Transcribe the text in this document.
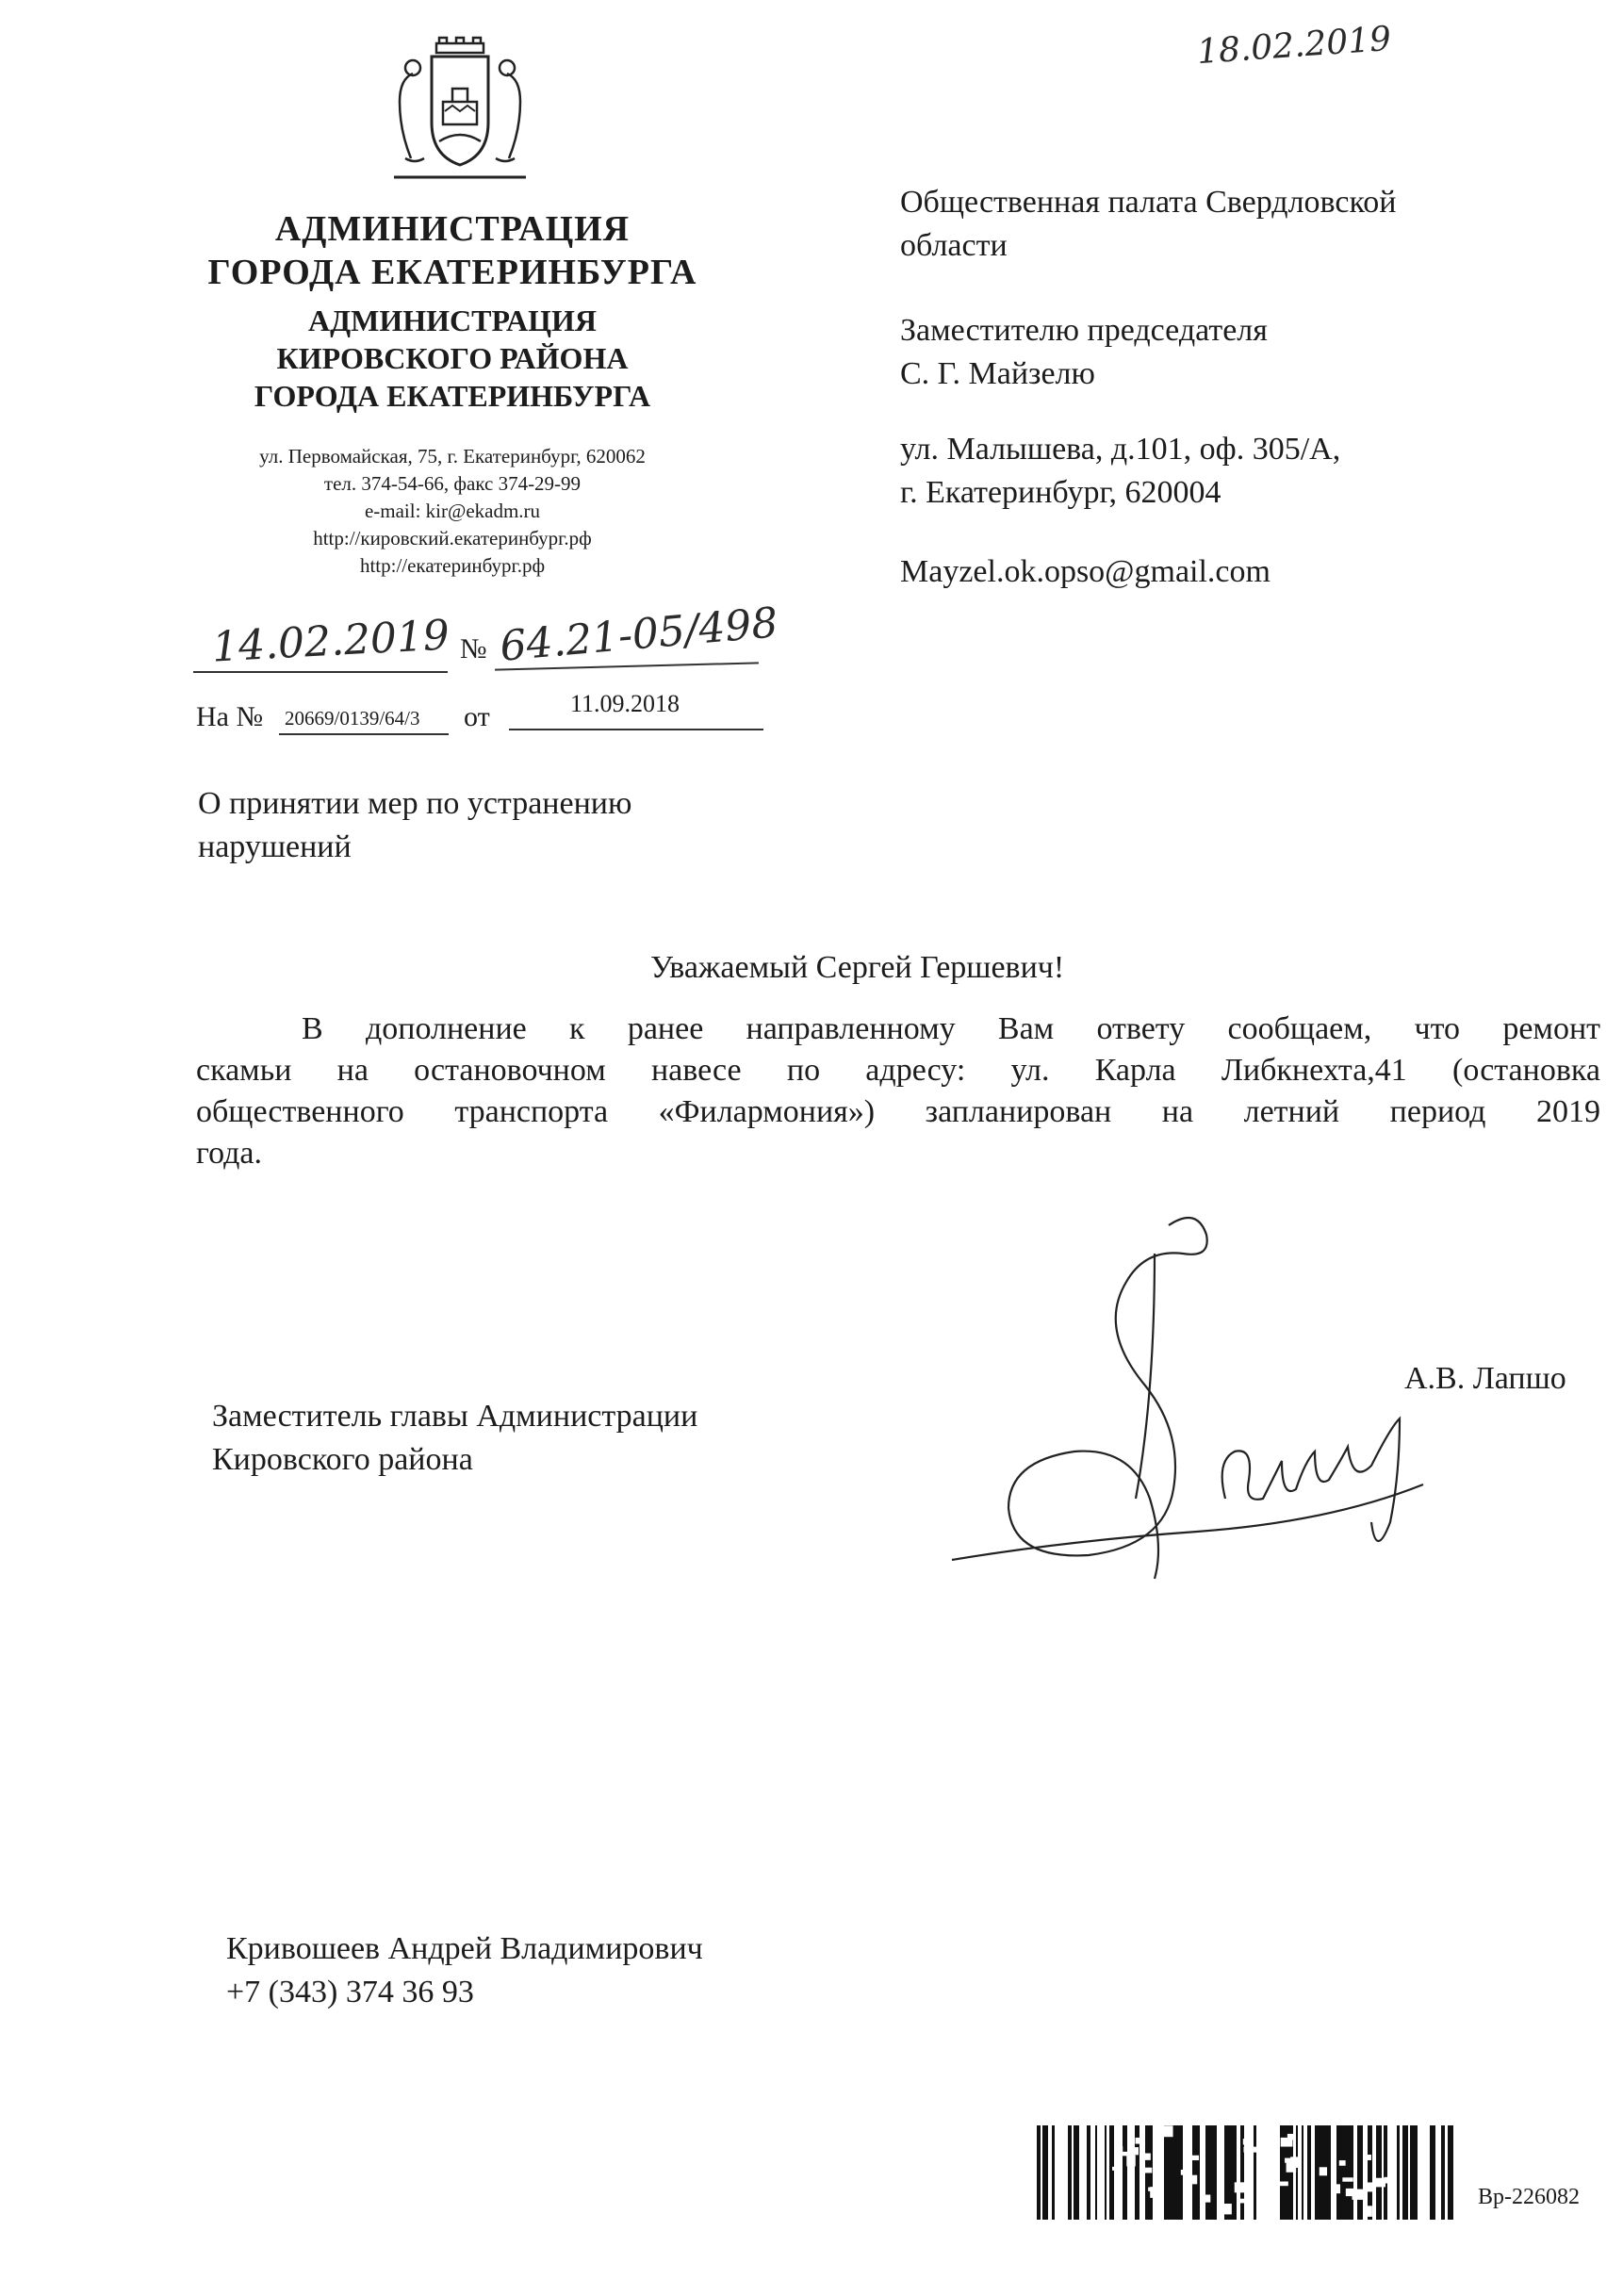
18.02.2019
АДМИНИСТРАЦИЯ
ГОРОДА ЕКАТЕРИНБУРГА
АДМИНИСТРАЦИЯ
КИРОВСКОГО РАЙОНА
ГОРОДА ЕКАТЕРИНБУРГА
ул. Первомайская, 75, г. Екатеринбург, 620062
тел. 374-54-66, факс 374-29-99
e-mail: kir@ekadm.ru
http://кировский.екатеринбург.рф
http://екатеринбург.рф
14.02.2019 № 64.21-05/498
На № 20669/0139/64/3 от	11.09.2018
Общественная палата Свердловской
области
Заместителю председателя
С. Г. Майзелю
ул. Малышева, д.101, оф. 305/А,
г. Екатеринбург, 620004
Mayzel.ok.opso@gmail.com
О принятии мер по устранению
нарушений
Уважаемый Сергей Гершевич!
В дополнение к ранее направленному Вам ответу сообщаем, что ремонт
скамьи на остановочном навесе по адресу: ул. Карла Либкнехта,41 (остановка
общественного транспорта «Филармония») запланирован на летний период 2019
года.
Заместитель главы Администрации
Кировского района
А.В. Лапшо
Кривошеев Андрей Владимирович
+7 (343) 374 36 93
Вр-226082
